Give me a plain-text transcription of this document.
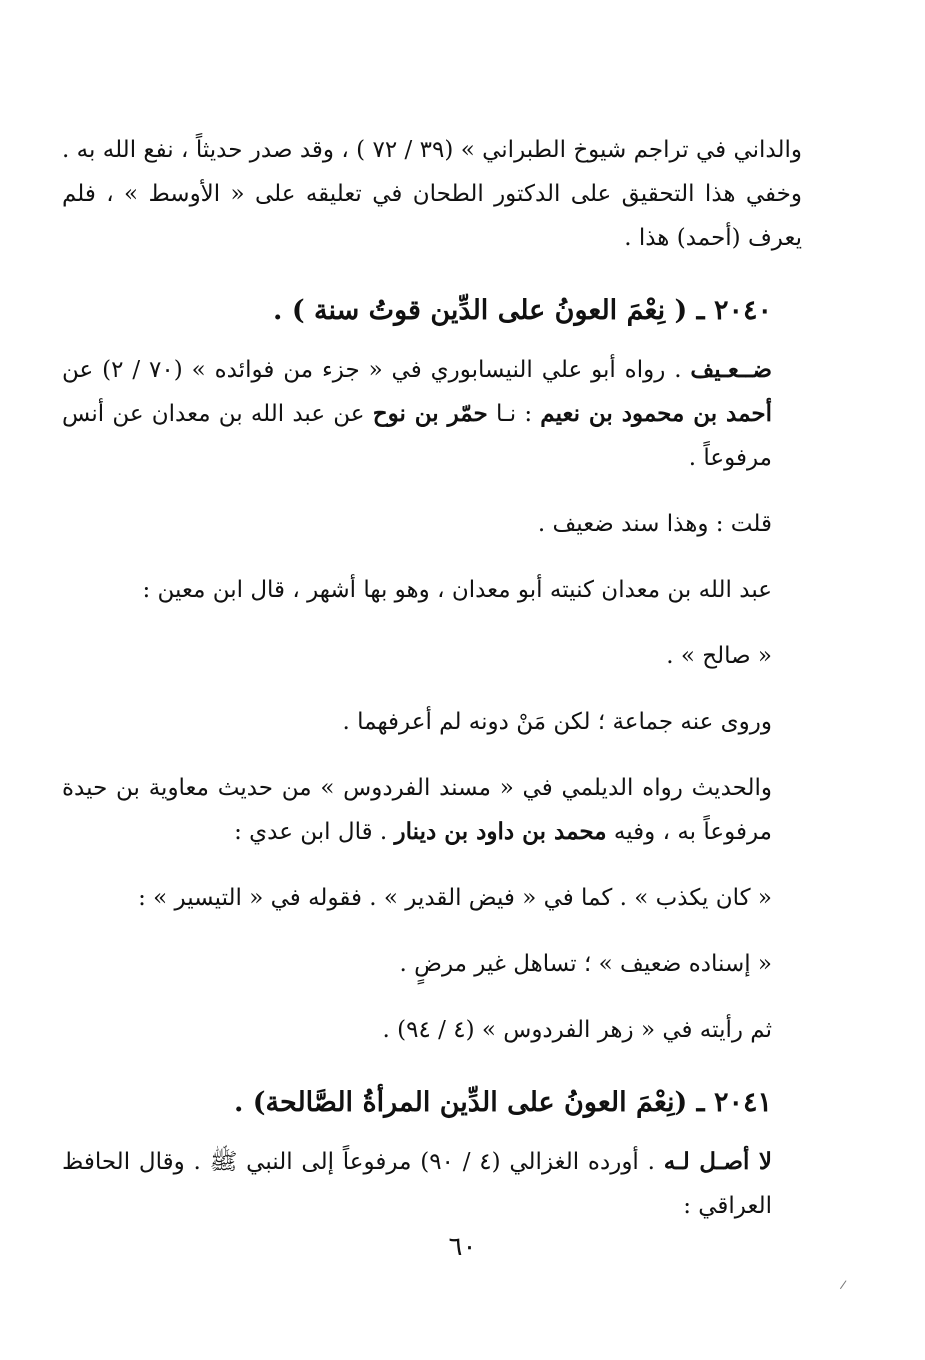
والداني في تراجم شيوخ الطبراني » (٣٩ / ٧٢ ) ، وقد صدر حديثاً ، نفع الله به . وخفي هذا التحقيق على الدكتور الطحان في تعليقه على « الأوسط » ، فلم يعرف (أحمد) هذا .

٢٠٤٠ ـ ( نِعْمَ العونُ على الدِّين قوتُ سنة ) .

ضــعـيف . رواه أبو علي النيسابوري في « جزء من فوائده » (٧٠ / ٢) عن أحمد بن محمود بن نعيم : نـا حمّر بن نوح عن عبد الله بن معدان عن أنس مرفوعاً .

قلت : وهذا سند ضعيف .

عبد الله بن معدان كنيته أبو معدان ، وهو بها أشهر ، قال ابن معين :

« صالح » .

وروى عنه جماعة ؛ لكن مَنْ دونه لم أعرفهما .

والحديث رواه الديلمي في « مسند الفردوس » من حديث معاوية بن حيدة مرفوعاً به ، وفيه محمد بن داود بن دينار . قال ابن عدي :

« كان يكذب » . كما في « فيض القدير » . فقوله في « التيسير » :

« إسناده ضعيف » ؛ تساهل غير مرضٍ .

ثم رأيته في « زهر الفردوس » (٤ / ٩٤) .

٢٠٤١ ـ (نِعْمَ العونُ على الدِّين المرأةُ الصَّالحة) .

لا أصـل لـه . أورده الغزالي (٤ / ٩٠) مرفوعاً إلى النبي ﷺ . وقال الحافظ العراقي :

٦٠
